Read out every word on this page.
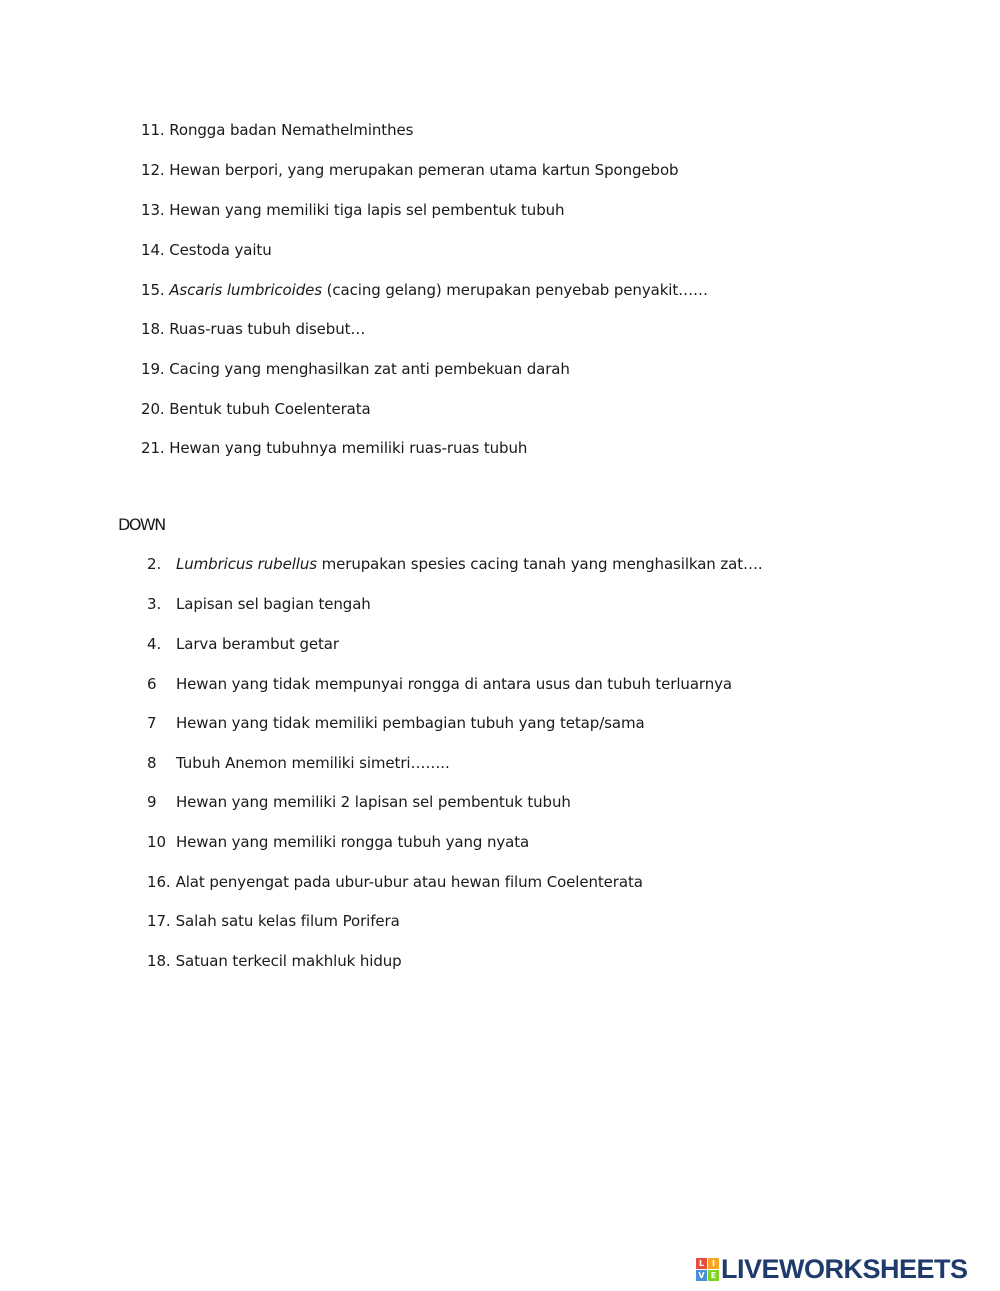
11. Rongga badan Nemathelminthes
12. Hewan berpori, yang merupakan pemeran utama kartun Spongebob
13. Hewan yang memiliki tiga lapis sel pembentuk tubuh
14. Cestoda yaitu
15. Ascaris lumbricoides (cacing gelang) merupakan penyebab penyakit……
18. Ruas-ruas tubuh disebut…
19. Cacing yang menghasilkan zat anti pembekuan darah
20. Bentuk tubuh Coelenterata
21. Hewan yang tubuhnya memiliki ruas-ruas tubuh
DOWN
2. Lumbricus rubellus merupakan spesies cacing tanah yang menghasilkan zat….
3. Lapisan sel bagian tengah
4. Larva berambut getar
6 Hewan yang tidak mempunyai rongga di antara usus dan tubuh terluarnya
7 Hewan yang tidak memiliki pembagian tubuh yang tetap/sama
8 Tubuh Anemon memiliki simetri……..
9 Hewan yang memiliki 2 lapisan sel pembentuk tubuh
10 Hewan yang memiliki rongga tubuh yang nyata
16. Alat penyengat pada ubur-ubur atau hewan filum Coelenterata
17. Salah satu kelas filum Porifera
18. Satuan terkecil makhluk hidup
L I
V E LIVEWORKSHEETS
